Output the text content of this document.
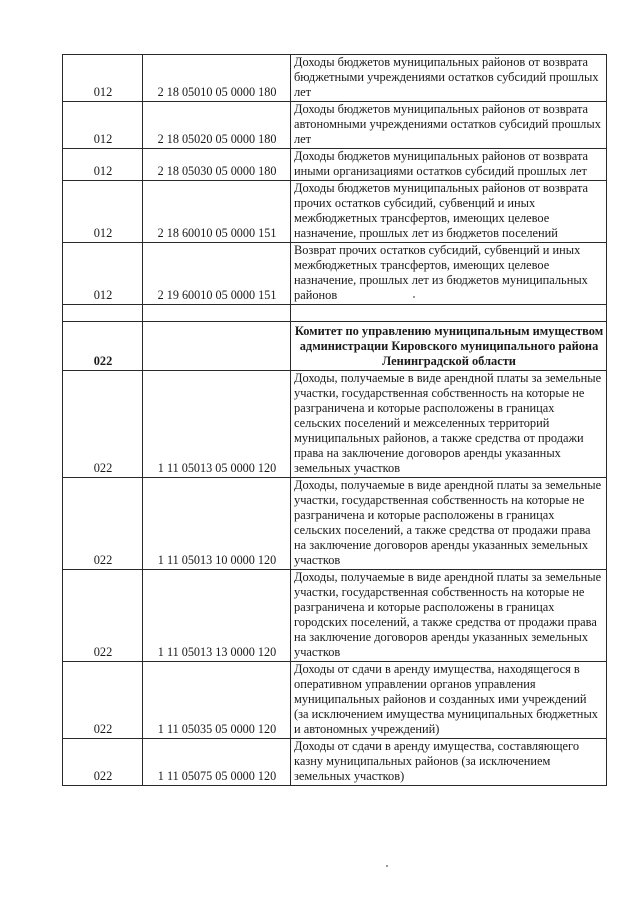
012	2 18 05010 05 0000 180	Доходы бюджетов муниципальных районов от возврата бюджетными учреждениями остатков субсидий прошлых лет
012	2 18 05020 05 0000 180	Доходы бюджетов муниципальных районов от возврата автономными учреждениями остатков субсидий прошлых лет
012	2 18 05030 05 0000 180	Доходы бюджетов муниципальных районов от возврата иными организациями остатков субсидий прошлых лет
012	2 18 60010 05 0000 151	Доходы бюджетов муниципальных районов от возврата прочих остатков субсидий, субвенций и иных межбюджетных трансфертов, имеющих целевое назначение, прошлых лет из бюджетов поселений
012	2 19 60010 05 0000 151	Возврат прочих остатков субсидий, субвенций и иных межбюджетных трансфертов, имеющих целевое назначение, прошлых лет из бюджетов муниципальных районов

022		Комитет по управлению муниципальным имуществом администрации Кировского муниципального района Ленинградской области
022	1 11 05013 05 0000 120	Доходы, получаемые в виде арендной платы за земельные участки, государственная собственность на которые не разграничена и которые расположены в границах сельских поселений и межселенных территорий муниципальных районов, а также средства от продажи права на заключение договоров аренды указанных земельных участков
022	1 11 05013 10 0000 120	Доходы, получаемые в виде арендной платы за земельные участки, государственная собственность на которые не разграничена и которые расположены в границах сельских поселений, а также средства от продажи права на заключение договоров аренды указанных земельных участков
022	1 11 05013 13 0000 120	Доходы, получаемые в виде арендной платы за земельные участки, государственная собственность на которые не разграничена и которые расположены в границах городских поселений, а также средства от продажи права на заключение договоров аренды указанных земельных участков
022	1 11 05035 05 0000 120	Доходы от сдачи в аренду имущества, находящегося в оперативном управлении органов управления муниципальных районов и созданных ими учреждений (за исключением имущества муниципальных бюджетных и автономных учреждений)
022	1 11 05075 05 0000 120	Доходы от сдачи в аренду имущества, составляющего казну муниципальных районов (за исключением земельных участков)
